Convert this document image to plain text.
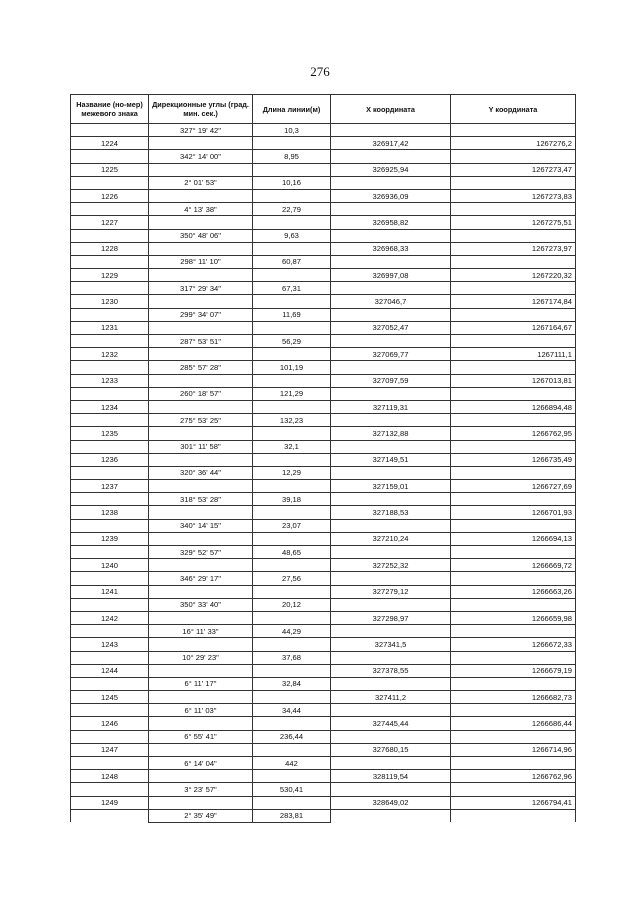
276
Название (но-мер) межевого знака	Дирекционные углы (град. мин. сек.)	Длина линии(м)	X координата	Y координата
	327° 19' 42"	10,3		
1224			326917,42	1267276,2
	342° 14' 00"	8,95		
1225			326925,94	1267273,47
	2° 01' 53"	10,16		
1226			326936,09	1267273,83
	4° 13' 38"	22,79		
1227			326958,82	1267275,51
	350° 48' 06"	9,63		
1228			326968,33	1267273,97
	298° 11' 10"	60,87		
1229			326997,08	1267220,32
	317° 29' 34"	67,31		
1230			327046,7	1267174,84
	299° 34' 07"	11,69		
1231			327052,47	1267164,67
	287° 53' 51"	56,29		
1232			327069,77	1267111,1
	285° 57' 28"	101,19		
1233			327097,59	1267013,81
	260° 18' 57"	121,29		
1234			327119,31	1266894,48
	275° 53' 25"	132,23		
1235			327132,88	1266762,95
	301° 11' 58"	32,1		
1236			327149,51	1266735,49
	320° 36' 44"	12,29		
1237			327159,01	1266727,69
	318° 53' 28"	39,18		
1238			327188,53	1266701,93
	340° 14' 15"	23,07		
1239			327210,24	1266694,13
	329° 52' 57"	48,65		
1240			327252,32	1266669,72
	346° 29' 17"	27,56		
1241			327279,12	1266663,26
	350° 33' 40"	20,12		
1242			327298,97	1266659,98
	16° 11' 33"	44,29		
1243			327341,5	1266672,33
	10° 29' 23"	37,68		
1244			327378,55	1266679,19
	6° 11' 17"	32,84		
1245			327411,2	1266682,73
	6° 11' 03"	34,44		
1246			327445,44	1266686,44
	6° 55' 41"	236,44		
1247			327680,15	1266714,96
	6° 14' 04"	442		
1248			328119,54	1266762,96
	3° 23' 57"	530,41		
1249			328649,02	1266794,41
	2° 35' 49"	283,81		
